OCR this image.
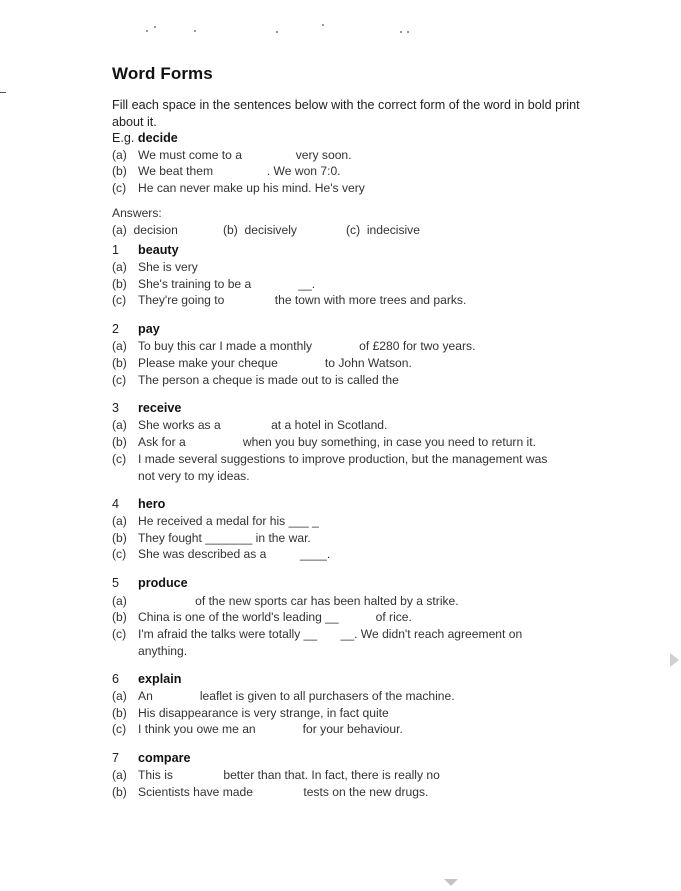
Word Forms
Fill each space in the sentences below with the correct form of the word in bold print about it.
E.g. decide
(a) We must come to a                very soon.
(b) We beat them                . We won 7:0.
(c) He can never make up his mind. He's very
Answers:
(a) decision	(b) decisively	(c) indecisive
1 beauty
(a) She is very
(b) She's training to be a              __.
(c) They're going to               the town with more trees and parks.
2 pay
(a) To buy this car I made a monthly              of £280 for two years.
(b) Please make your cheque              to John Watson.
(c) The person a cheque is made out to is called the
3 receive
(a) She works as a               at a hotel in Scotland.
(b) Ask for a                 when you buy something, in case you need to return it.
(c) I made several suggestions to improve production, but the management was
not very to my ideas.
4 hero
(a) He received a medal for his ___ _
(b) They fought _______ in the war.
(c) She was described as a          ____.
5 produce
(a)                 of the new sports car has been halted by a strike.
(b) China is one of the world's leading __           of rice.
(c) I'm afraid the talks were totally __       __. We didn't reach agreement on
anything.
6 explain
(a) An              leaflet is given to all purchasers of the machine.
(b) His disappearance is very strange, in fact quite
(c) I think you owe me an              for your behaviour.
7 compare
(a) This is               better than that. In fact, there is really no
(b) Scientists have made               tests on the new drugs.
